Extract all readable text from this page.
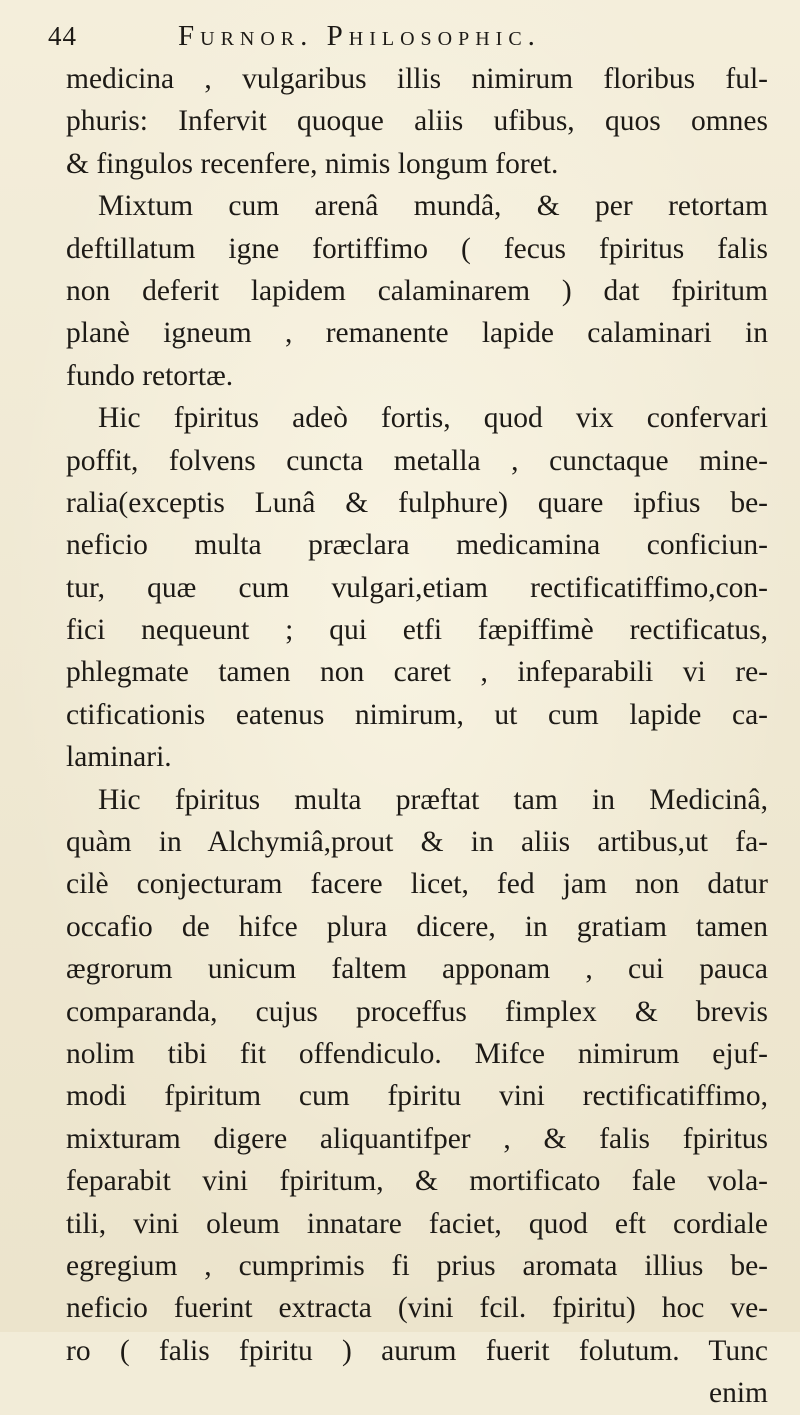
44	Furnor. Philosophic.
medicina , vulgaribus illis nimirum floribus ful-
phuris: Infervit quoque aliis ufibus, quos omnes
& fingulos recenfere, nimis longum foret.
Mixtum cum arenâ mundâ, & per retortam
deftillatum igne fortiffimo ( fecus fpiritus falis
non deferit lapidem calaminarem ) dat fpiritum
planè igneum , remanente lapide calaminari in
fundo retortæ.
Hic fpiritus adeò fortis, quod vix confervari
poffit, folvens cuncta metalla , cunctaque mine-
ralia(exceptis Lunâ & fulphure) quare ipfius be-
neficio multa præclara medicamina conficiun-
tur, quæ cum vulgari,etiam rectificatiffimo,con-
fici nequeunt ; qui etfi fæpiffimè rectificatus,
phlegmate tamen non caret , infeparabili vi re-
ctificationis eatenus nimirum, ut cum lapide ca-
laminari.
Hic fpiritus multa præftat tam in Medicinâ,
quàm in Alchymiâ,prout & in aliis artibus,ut fa-
cilè conjecturam facere licet, fed jam non datur
occafio de hifce plura dicere, in gratiam tamen
ægrorum unicum faltem apponam , cui pauca
comparanda, cujus proceffus fimplex & brevis
nolim tibi fit offendiculo. Mifce nimirum ejuf-
modi fpiritum cum fpiritu vini rectificatiffimo,
mixturam digere aliquantifper , & falis fpiritus
feparabit vini fpiritum, & mortificato fale vola-
tili, vini oleum innatare faciet, quod eft cordiale
egregium , cumprimis fi prius aromata illius be-
neficio fuerint extracta (vini fcil. fpiritu) hoc ve-
ro ( falis fpiritu ) aurum fuerit folutum. Tunc
enim
